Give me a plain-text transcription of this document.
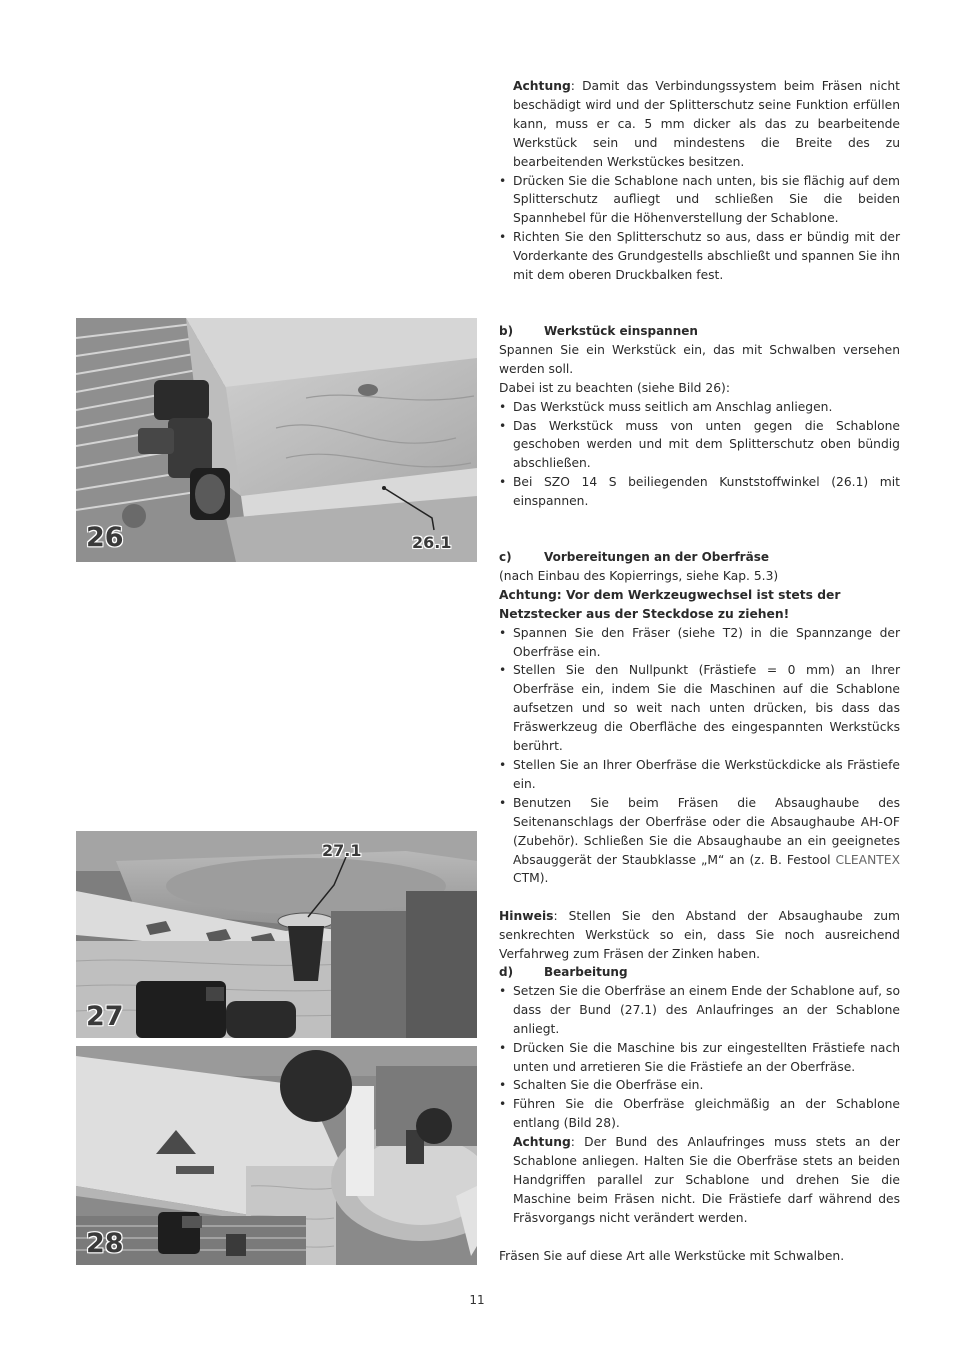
Achtung: Damit das Verbindungssystem beim Fräsen nicht beschädigt wird und der Splitterschutz seine Funktion erfüllen kann, muss er ca. 5 mm dicker als das zu bearbeitende Werkstück sein und mindestens die Breite des zu bearbeitenden Werkstückes besitzen.

• Drücken Sie die Schablone nach unten, bis sie flächig auf dem Splitterschutz aufliegt und schließen Sie die beiden Spannhebel für die Höhenverstellung der Schablone.
• Richten Sie den Splitterschutz so aus, dass er bündig mit der Vorderkante des Grundgestells abschließt und spannen Sie ihn mit dem oberen Druckbalken fest.

b)	Werkstück einspannen

Spannen Sie ein Werkstück ein, das mit Schwalben versehen werden soll.

Dabei ist zu beachten (siehe Bild 26):

• Das Werkstück muss seitlich am Anschlag anliegen.
• Das Werkstück muss von unten gegen die Schablone geschoben werden und mit dem Splitterschutz oben bündig abschließen.
• Bei SZO 14 S beiliegenden Kunststoffwinkel (26.1) mit einspannen.

c)	Vorbereitungen an der Oberfräse

(nach Einbau des Kopierrings, siehe Kap. 5.3)

Achtung: Vor dem Werkzeugwechsel ist stets der Netzstecker aus der Steckdose zu ziehen!

• Spannen Sie den Fräser (siehe T2) in die Spannzange der Oberfräse ein.
• Stellen Sie den Nullpunkt (Frästiefe = 0 mm) an Ihrer Oberfräse ein, indem Sie die Maschinen auf die Schablone aufsetzen und so weit nach unten drücken, bis dass das Fräswerkzeug die Oberfläche des eingespannten Werkstücks berührt.
• Stellen Sie an Ihrer Oberfräse die Werkstückdicke als Frästiefe ein.
• Benutzen Sie beim Fräsen die Absaughaube des Seitenanschlags der Oberfräse oder die Absaughaube AH-OF (Zubehör). Schließen Sie die Absaughaube an ein geeignetes Absauggerät der Staubklasse „M“ an (z. B. Festool CLEANTEX CTM).

Hinweis: Stellen Sie den Abstand der Absaughaube zum senkrechten Werkstück so ein, dass Sie noch ausreichend Verfahrweg zum Fräsen der Zinken haben.

d)	Bearbeitung

• Setzen Sie die Oberfräse an einem Ende der Schablone auf, so dass der Bund (27.1) des Anlaufringes an der Schablone anliegt.
• Drücken Sie die Maschine bis zur eingestellten Frästiefe nach unten und arretieren Sie die Frästiefe an der Oberfräse.
• Schalten Sie die Oberfräse ein.
• Führen Sie die Oberfräse gleichmäßig an der Schablone entlang (Bild 28).

Achtung: Der Bund des Anlaufringes muss stets an der Schablone anliegen. Halten Sie die Oberfräse stets an beiden Handgriffen parallel zur Schablone und drehen Sie die Maschine beim Fräsen nicht. Die Frästiefe darf während des Fräsvorgangs nicht verändert werden.

Fräsen Sie auf diese Art alle Werkstücke mit Schwalben.

26	26.1
27
27.1
28
11
